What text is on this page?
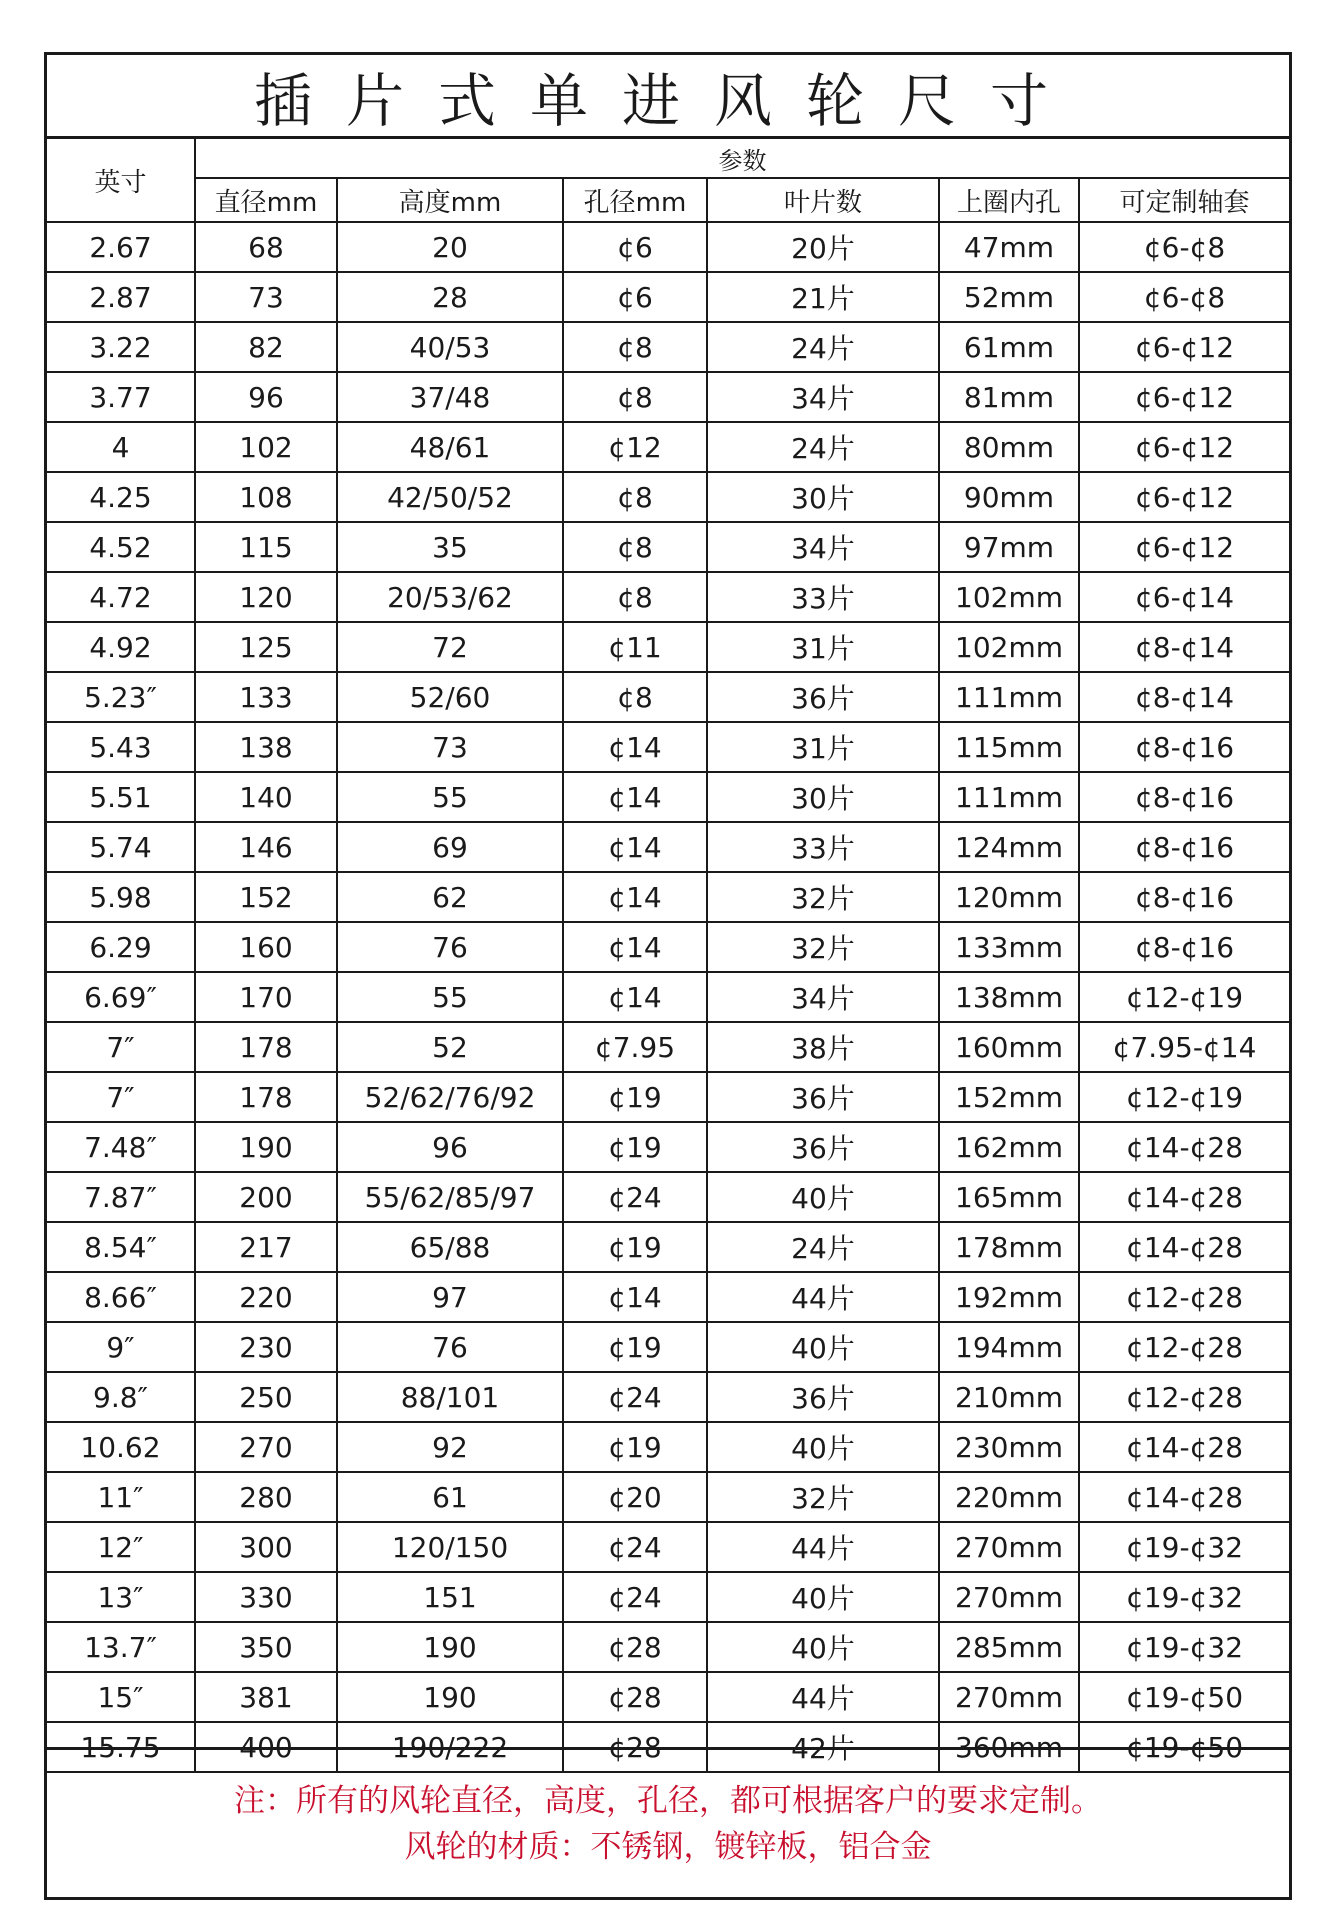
插片式单进风轮尺寸
英寸	参数					
	直径mm	高度mm	孔径mm	叶片数	上圈内孔	可定制轴套
2.67	68	20	¢6	20片	47mm	¢6-¢8
2.87	73	28	¢6	21片	52mm	¢6-¢8
3.22	82	40/53	¢8	24片	61mm	¢6-¢12
3.77	96	37/48	¢8	34片	81mm	¢6-¢12
4	102	48/61	¢12	24片	80mm	¢6-¢12
4.25	108	42/50/52	¢8	30片	90mm	¢6-¢12
4.52	115	35	¢8	34片	97mm	¢6-¢12
4.72	120	20/53/62	¢8	33片	102mm	¢6-¢14
4.92	125	72	¢11	31片	102mm	¢8-¢14
5.23″	133	52/60	¢8	36片	111mm	¢8-¢14
5.43	138	73	¢14	31片	115mm	¢8-¢16
5.51	140	55	¢14	30片	111mm	¢8-¢16
5.74	146	69	¢14	33片	124mm	¢8-¢16
5.98	152	62	¢14	32片	120mm	¢8-¢16
6.29	160	76	¢14	32片	133mm	¢8-¢16
6.69″	170	55	¢14	34片	138mm	¢12-¢19
7″	178	52	¢7.95	38片	160mm	¢7.95-¢14
7″	178	52/62/76/92	¢19	36片	152mm	¢12-¢19
7.48″	190	96	¢19	36片	162mm	¢14-¢28
7.87″	200	55/62/85/97	¢24	40片	165mm	¢14-¢28
8.54″	217	65/88	¢19	24片	178mm	¢14-¢28
8.66″	220	97	¢14	44片	192mm	¢12-¢28
9″	230	76	¢19	40片	194mm	¢12-¢28
9.8″	250	88/101	¢24	36片	210mm	¢12-¢28
10.62	270	92	¢19	40片	230mm	¢14-¢28
11″	280	61	¢20	32片	220mm	¢14-¢28
12″	300	120/150	¢24	44片	270mm	¢19-¢32
13″	330	151	¢24	40片	270mm	¢19-¢32
13.7″	350	190	¢28	40片	285mm	¢19-¢32
15″	381	190	¢28	44片	270mm	¢19-¢50
15.75	400	190/222	¢28	42片	360mm	¢19-¢50
注：所有的风轮直径，高度，孔径，都可根据客户的要求定制。
风轮的材质：不锈钢，镀锌板，铝合金
